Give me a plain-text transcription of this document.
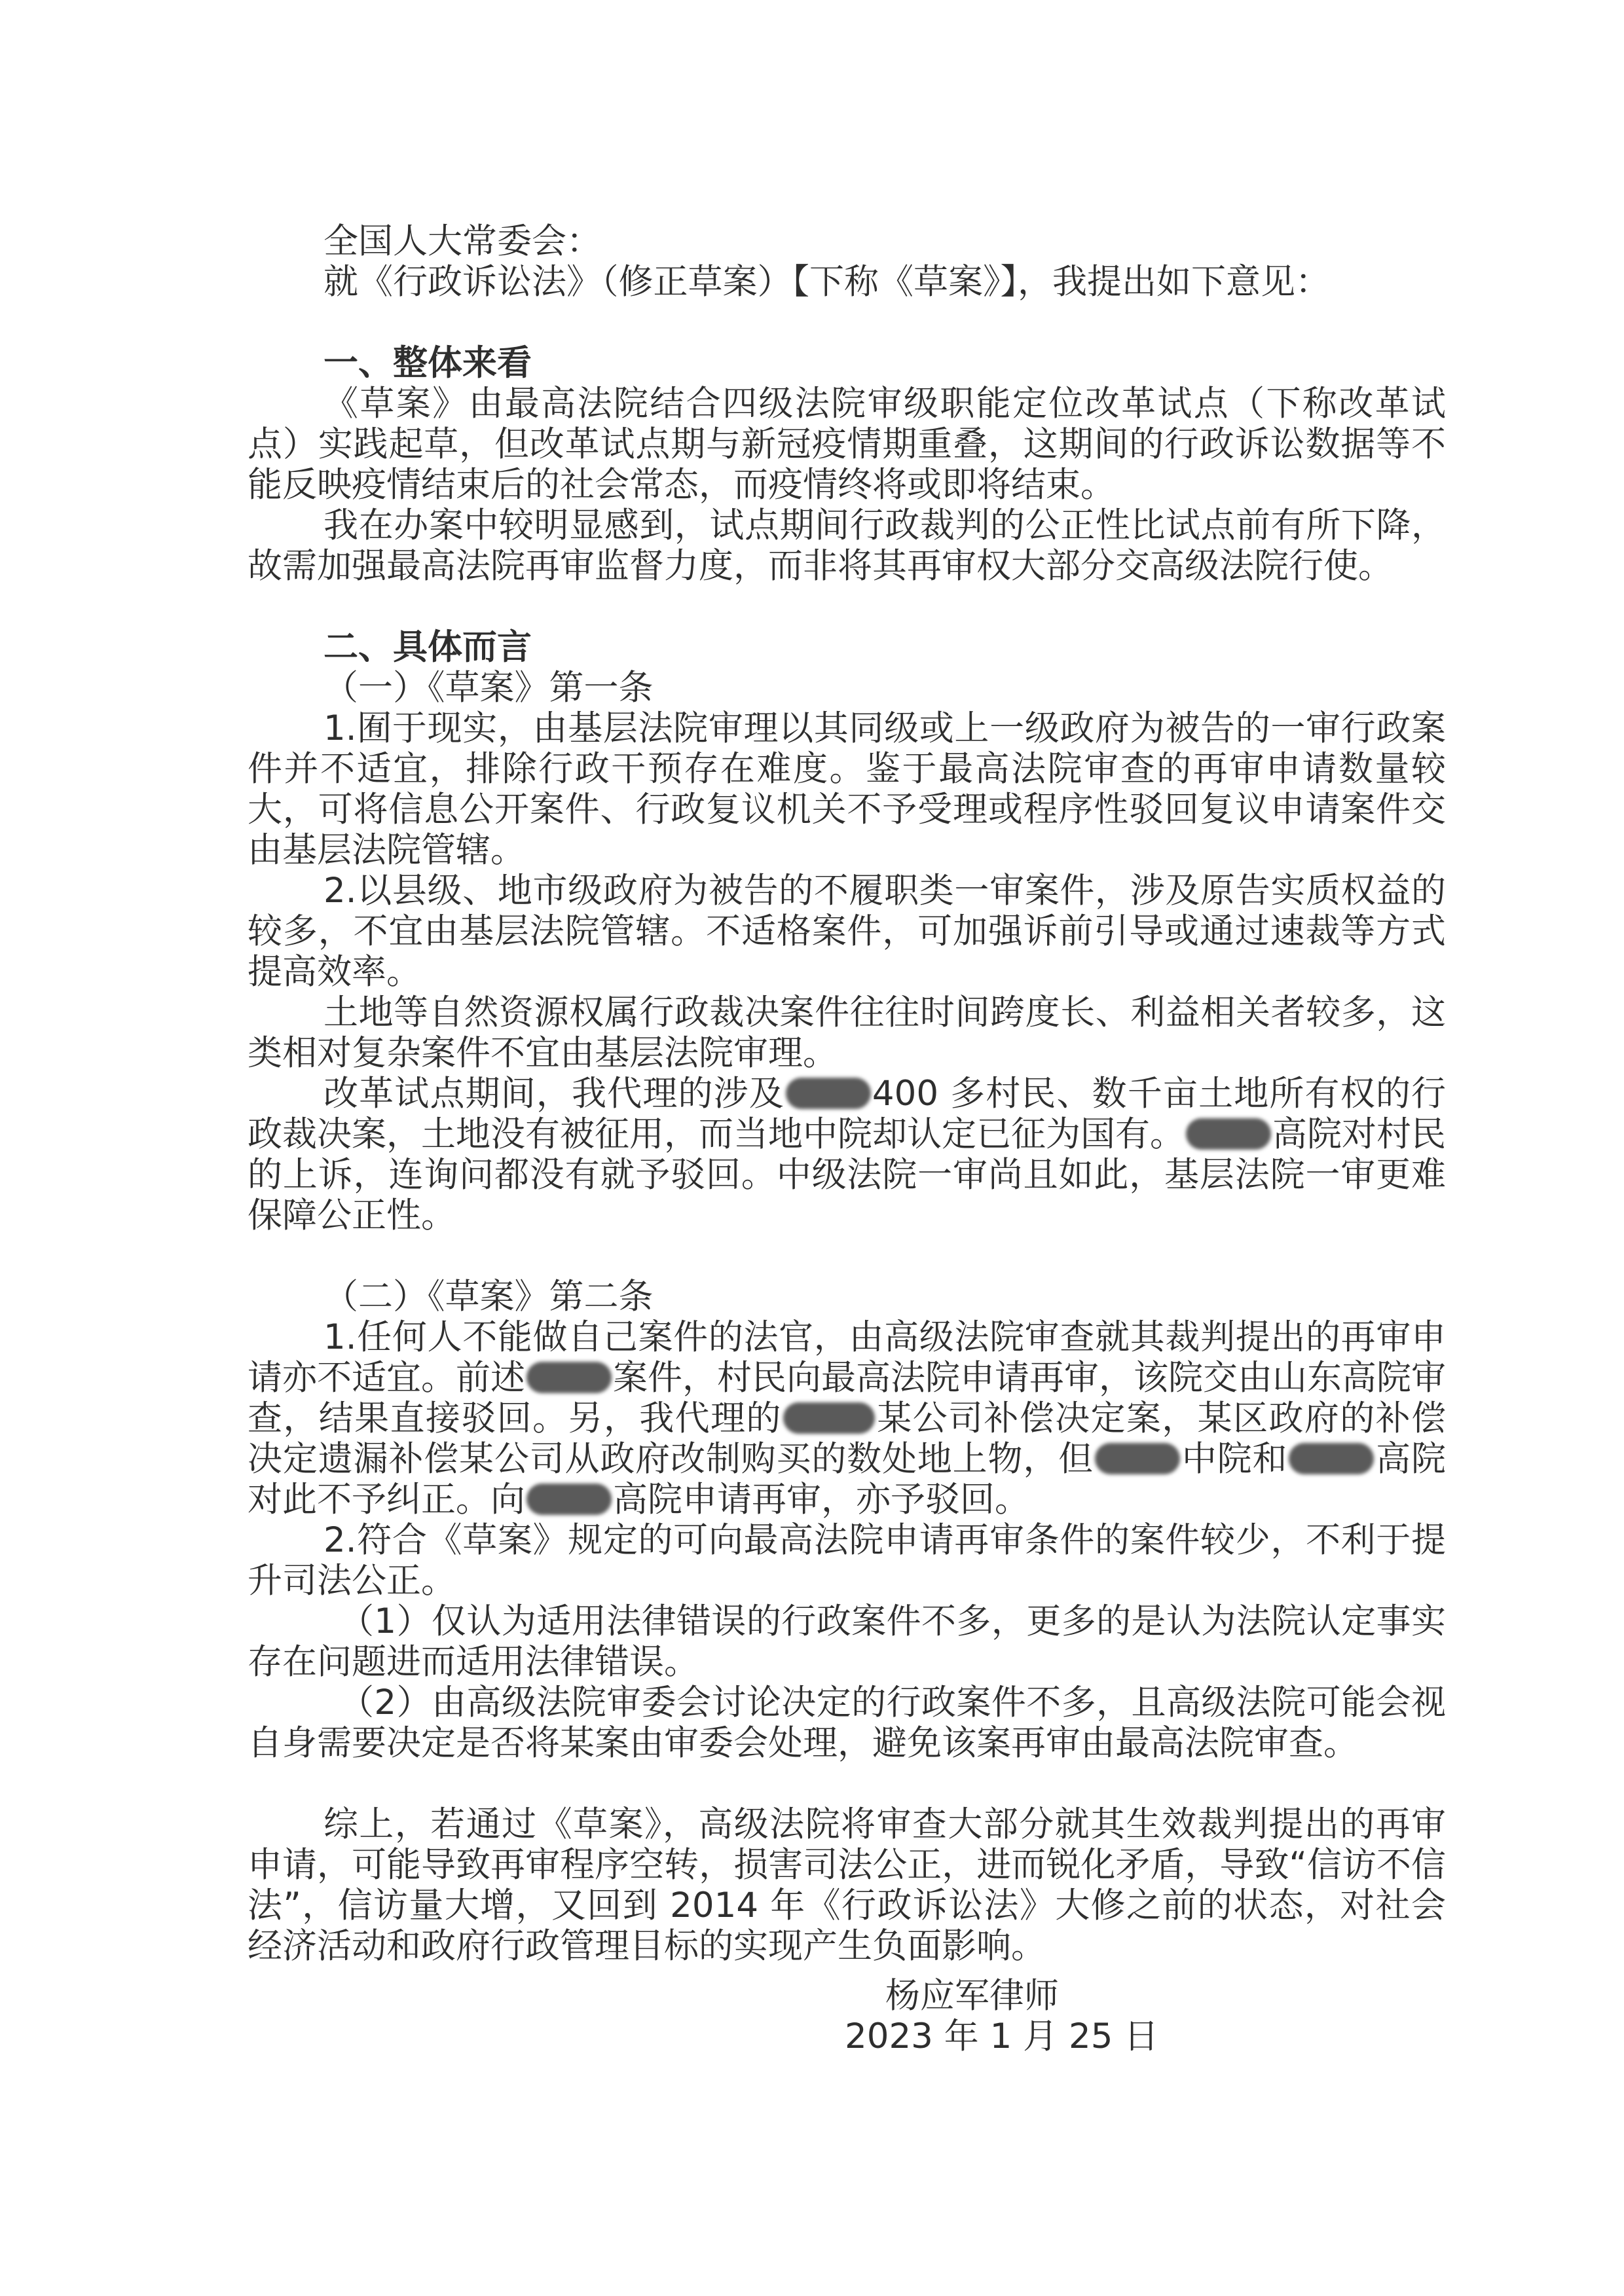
全国人大常委会：

就《行政诉讼法》（修正草案）【下称《草案》】，我提出如下意见：

一、整体来看

《草案》由最高法院结合四级法院审级职能定位改革试点（下称改革试点）实践起草，但改革试点期与新冠疫情期重叠，这期间的行政诉讼数据等不能反映疫情结束后的社会常态，而疫情终将或即将结束。

我在办案中较明显感到，试点期间行政裁判的公正性比试点前有所下降，故需加强最高法院再审监督力度，而非将其再审权大部分交高级法院行使。

二、具体而言

（一）《草案》第一条

1.囿于现实，由基层法院审理以其同级或上一级政府为被告的一审行政案件并不适宜，排除行政干预存在难度。鉴于最高法院审查的再审申请数量较大，可将信息公开案件、行政复议机关不予受理或程序性驳回复议申请案件交由基层法院管辖。

2.以县级、地市级政府为被告的不履职类一审案件，涉及原告实质权益的较多，不宜由基层法院管辖。不适格案件，可加强诉前引导或通过速裁等方式提高效率。

土地等自然资源权属行政裁决案件往往时间跨度长、利益相关者较多，这类相对复杂案件不宜由基层法院审理。

改革试点期间，我代理的涉及	400 多村民、数千亩土地所有权的行政裁决案，土地没有被征用，而当地中院却认定已征为国有。	高院对村民的上诉，连询问都没有就予驳回。中级法院一审尚且如此，基层法院一审更难保障公正性。

（二）《草案》第二条

1.任何人不能做自己案件的法官，由高级法院审查就其裁判提出的再审申请亦不适宜。前述	案件，村民向最高法院申请再审，该院交由山东高院审查，结果直接驳回。另，我代理的	某公司补偿决定案，某区政府的补偿决定遗漏补偿某公司从政府改制购买的数处地上物，但	中院和	高院对此不予纠正。向	高院申请再审，亦予驳回。

2.符合《草案》规定的可向最高法院申请再审条件的案件较少，不利于提升司法公正。

（1）仅认为适用法律错误的行政案件不多，更多的是认为法院认定事实存在问题进而适用法律错误。

（2）由高级法院审委会讨论决定的行政案件不多，且高级法院可能会视自身需要决定是否将某案由审委会处理，避免该案再审由最高法院审查。

综上，若通过《草案》，高级法院将审查大部分就其生效裁判提出的再审申请，可能导致再审程序空转，损害司法公正，进而锐化矛盾，导致“信访不信法”，信访量大增，又回到 2014 年《行政诉讼法》大修之前的状态，对社会经济活动和政府行政管理目标的实现产生负面影响。

杨应军律师
2023 年 1 月 25 日
